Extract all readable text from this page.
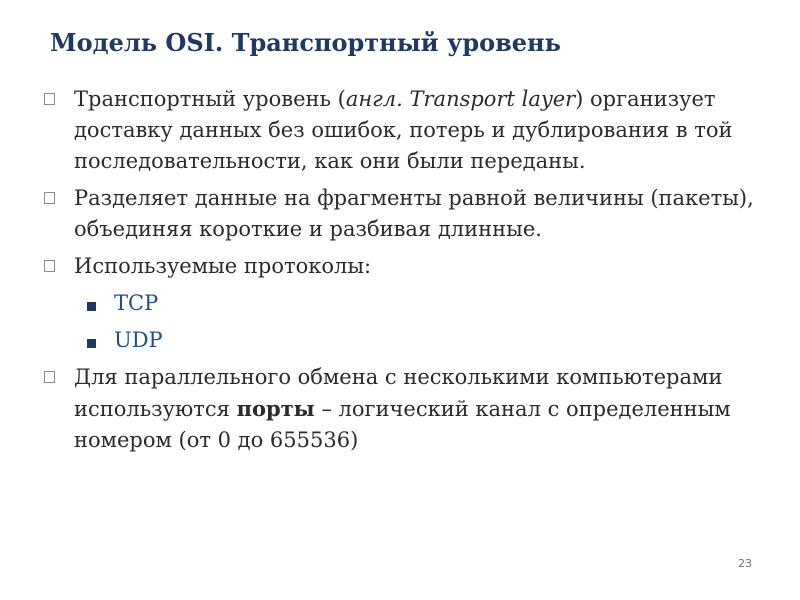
Модель OSI. Транспортный уровень
Транспортный уровень (англ. Transport layer) организует доставку данных без ошибок, потерь и дублирования в той последовательности, как они были переданы.
Разделяет данные на фрагменты равной величины (пакеты), объединяя короткие и разбивая длинные.
Используемые протоколы:
TCP
UDP
Для параллельного обмена с несколькими компьютерами используются порты – логический канал с определенным номером (от 0 до 655536)
23
